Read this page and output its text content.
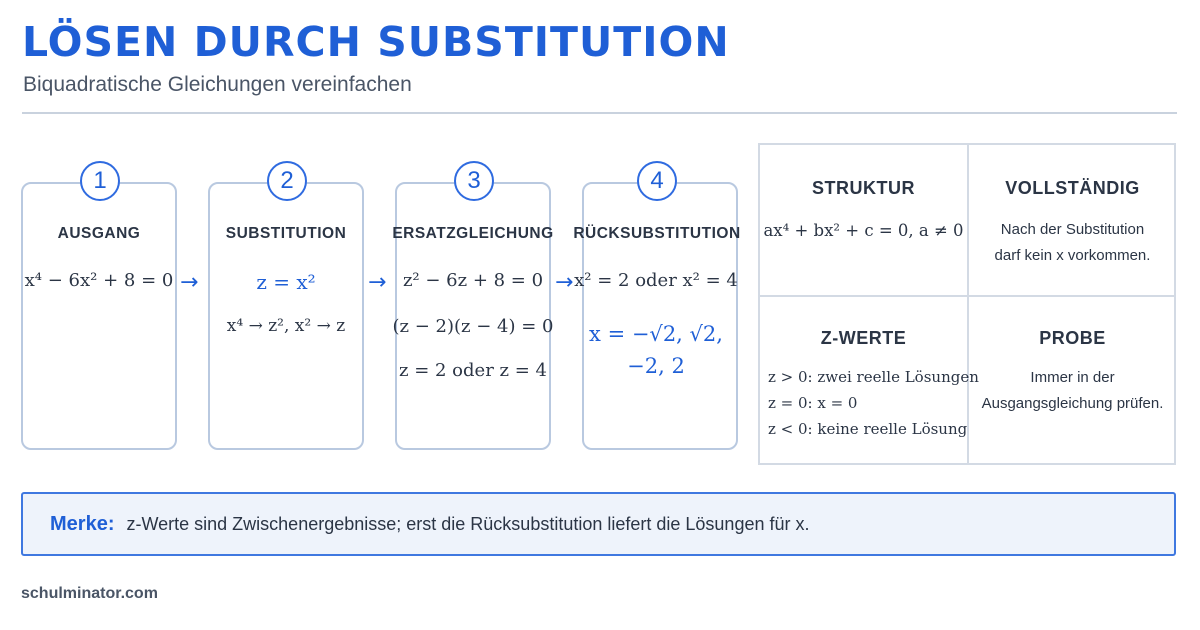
LÖSEN DURCH SUBSTITUTION
Biquadratische Gleichungen vereinfachen
1	2	3	4
AUSGANG	SUBSTITUTION	ERSATZGLEICHUNG	RÜCKSUBSTITUTION
x⁴ − 6x² + 8 = 0	z = x²
x⁴ → z², x² → z
z² − 6z + 8 = 0
(z − 2)(z − 4) = 0
z = 2 oder z = 4
x² = 2 oder x² = 4
x = −√2, √2, −2, 2
→	→	→
STRUKTUR
ax⁴ + bx² + c = 0, a ≠ 0
VOLLSTÄNDIG
Nach der Substitution
darf kein x vorkommen.
Z-WERTE
z > 0: zwei reelle Lösungen
z = 0: x = 0
z < 0: keine reelle Lösung
PROBE
Immer in der
Ausgangsgleichung prüfen.
Merke: z-Werte sind Zwischenergebnisse; erst die Rücksubstitution liefert die Lösungen für x.
schulminator.com
